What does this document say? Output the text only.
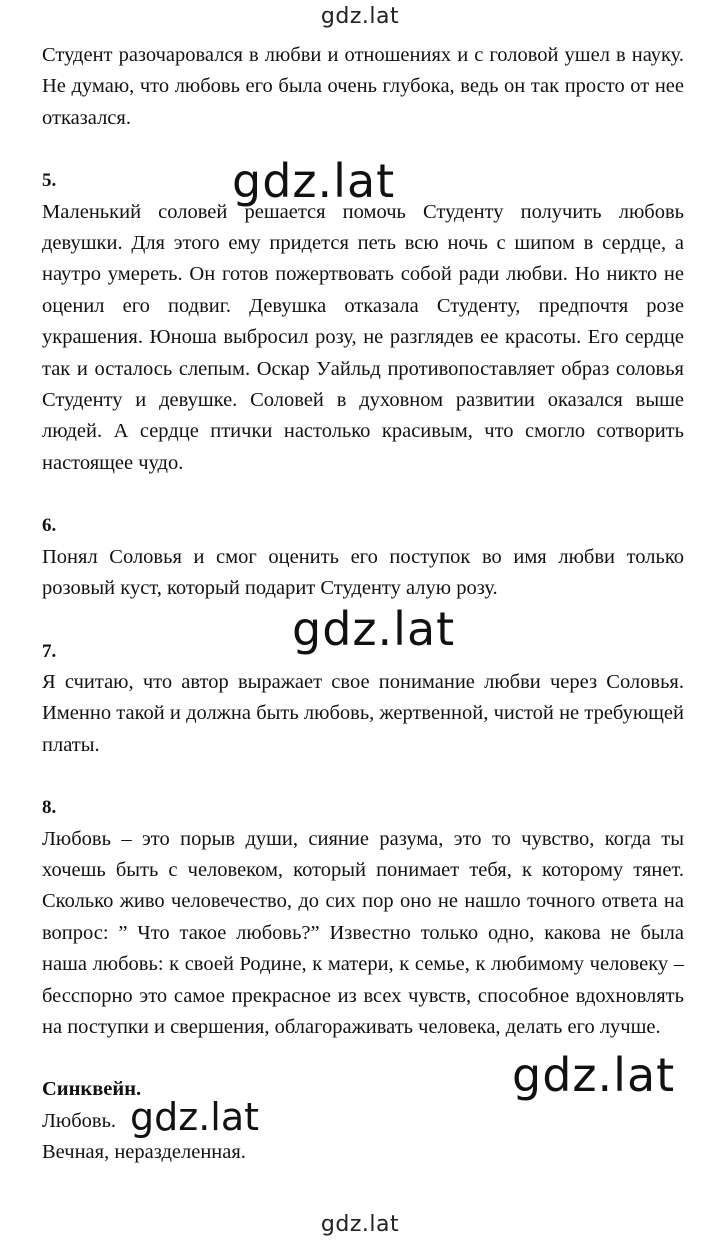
gdz.lat
gdz.lat
gdz.lat
gdz.lat
gdz.lat

Студент разочаровался в любви и отношениях и с головой ушел в науку. Не думаю, что любовь его была очень глубока, ведь он так просто от нее отказался.

5.

Маленький соловей решается помочь Студенту получить любовь девушки. Для этого ему придется петь всю ночь с шипом в сердце, а наутро умереть. Он готов пожертвовать собой ради любви. Но никто не оценил его подвиг. Девушка отказала Студенту, предпочтя розе украшения. Юноша выбросил розу, не разглядев ее красоты. Его сердце так и осталось слепым. Оскар Уайльд противопоставляет образ соловья Студенту и девушке. Соловей в духовном развитии оказался выше людей. А сердце птички настолько красивым, что смогло сотворить настоящее чудо.

6.

Понял Соловья и смог оценить его поступок во имя любви только розовый куст, который подарит Студенту алую розу.

7.

Я считаю, что автор выражает свое понимание любви через Соловья. Именно такой и должна быть любовь, жертвенной, чистой не требующей платы.

8.

Любовь – это порыв души, сияние разума, это то чувство, когда ты хочешь быть с человеком, который понимает тебя, к которому тянет. Сколько живо человечество, до сих пор оно не нашло точного ответа на вопрос: ” Что такое любовь?” Известно только одно, какова не была наша любовь: к своей Родине, к матери, к семье, к любимому человеку – бесспорно это самое прекрасное из всех чувств, способное вдохновлять на поступки и свершения, облагораживать человека, делать его лучше.

Синквейн.

Любовь.

Вечная, неразделенная.

gdz.lat
